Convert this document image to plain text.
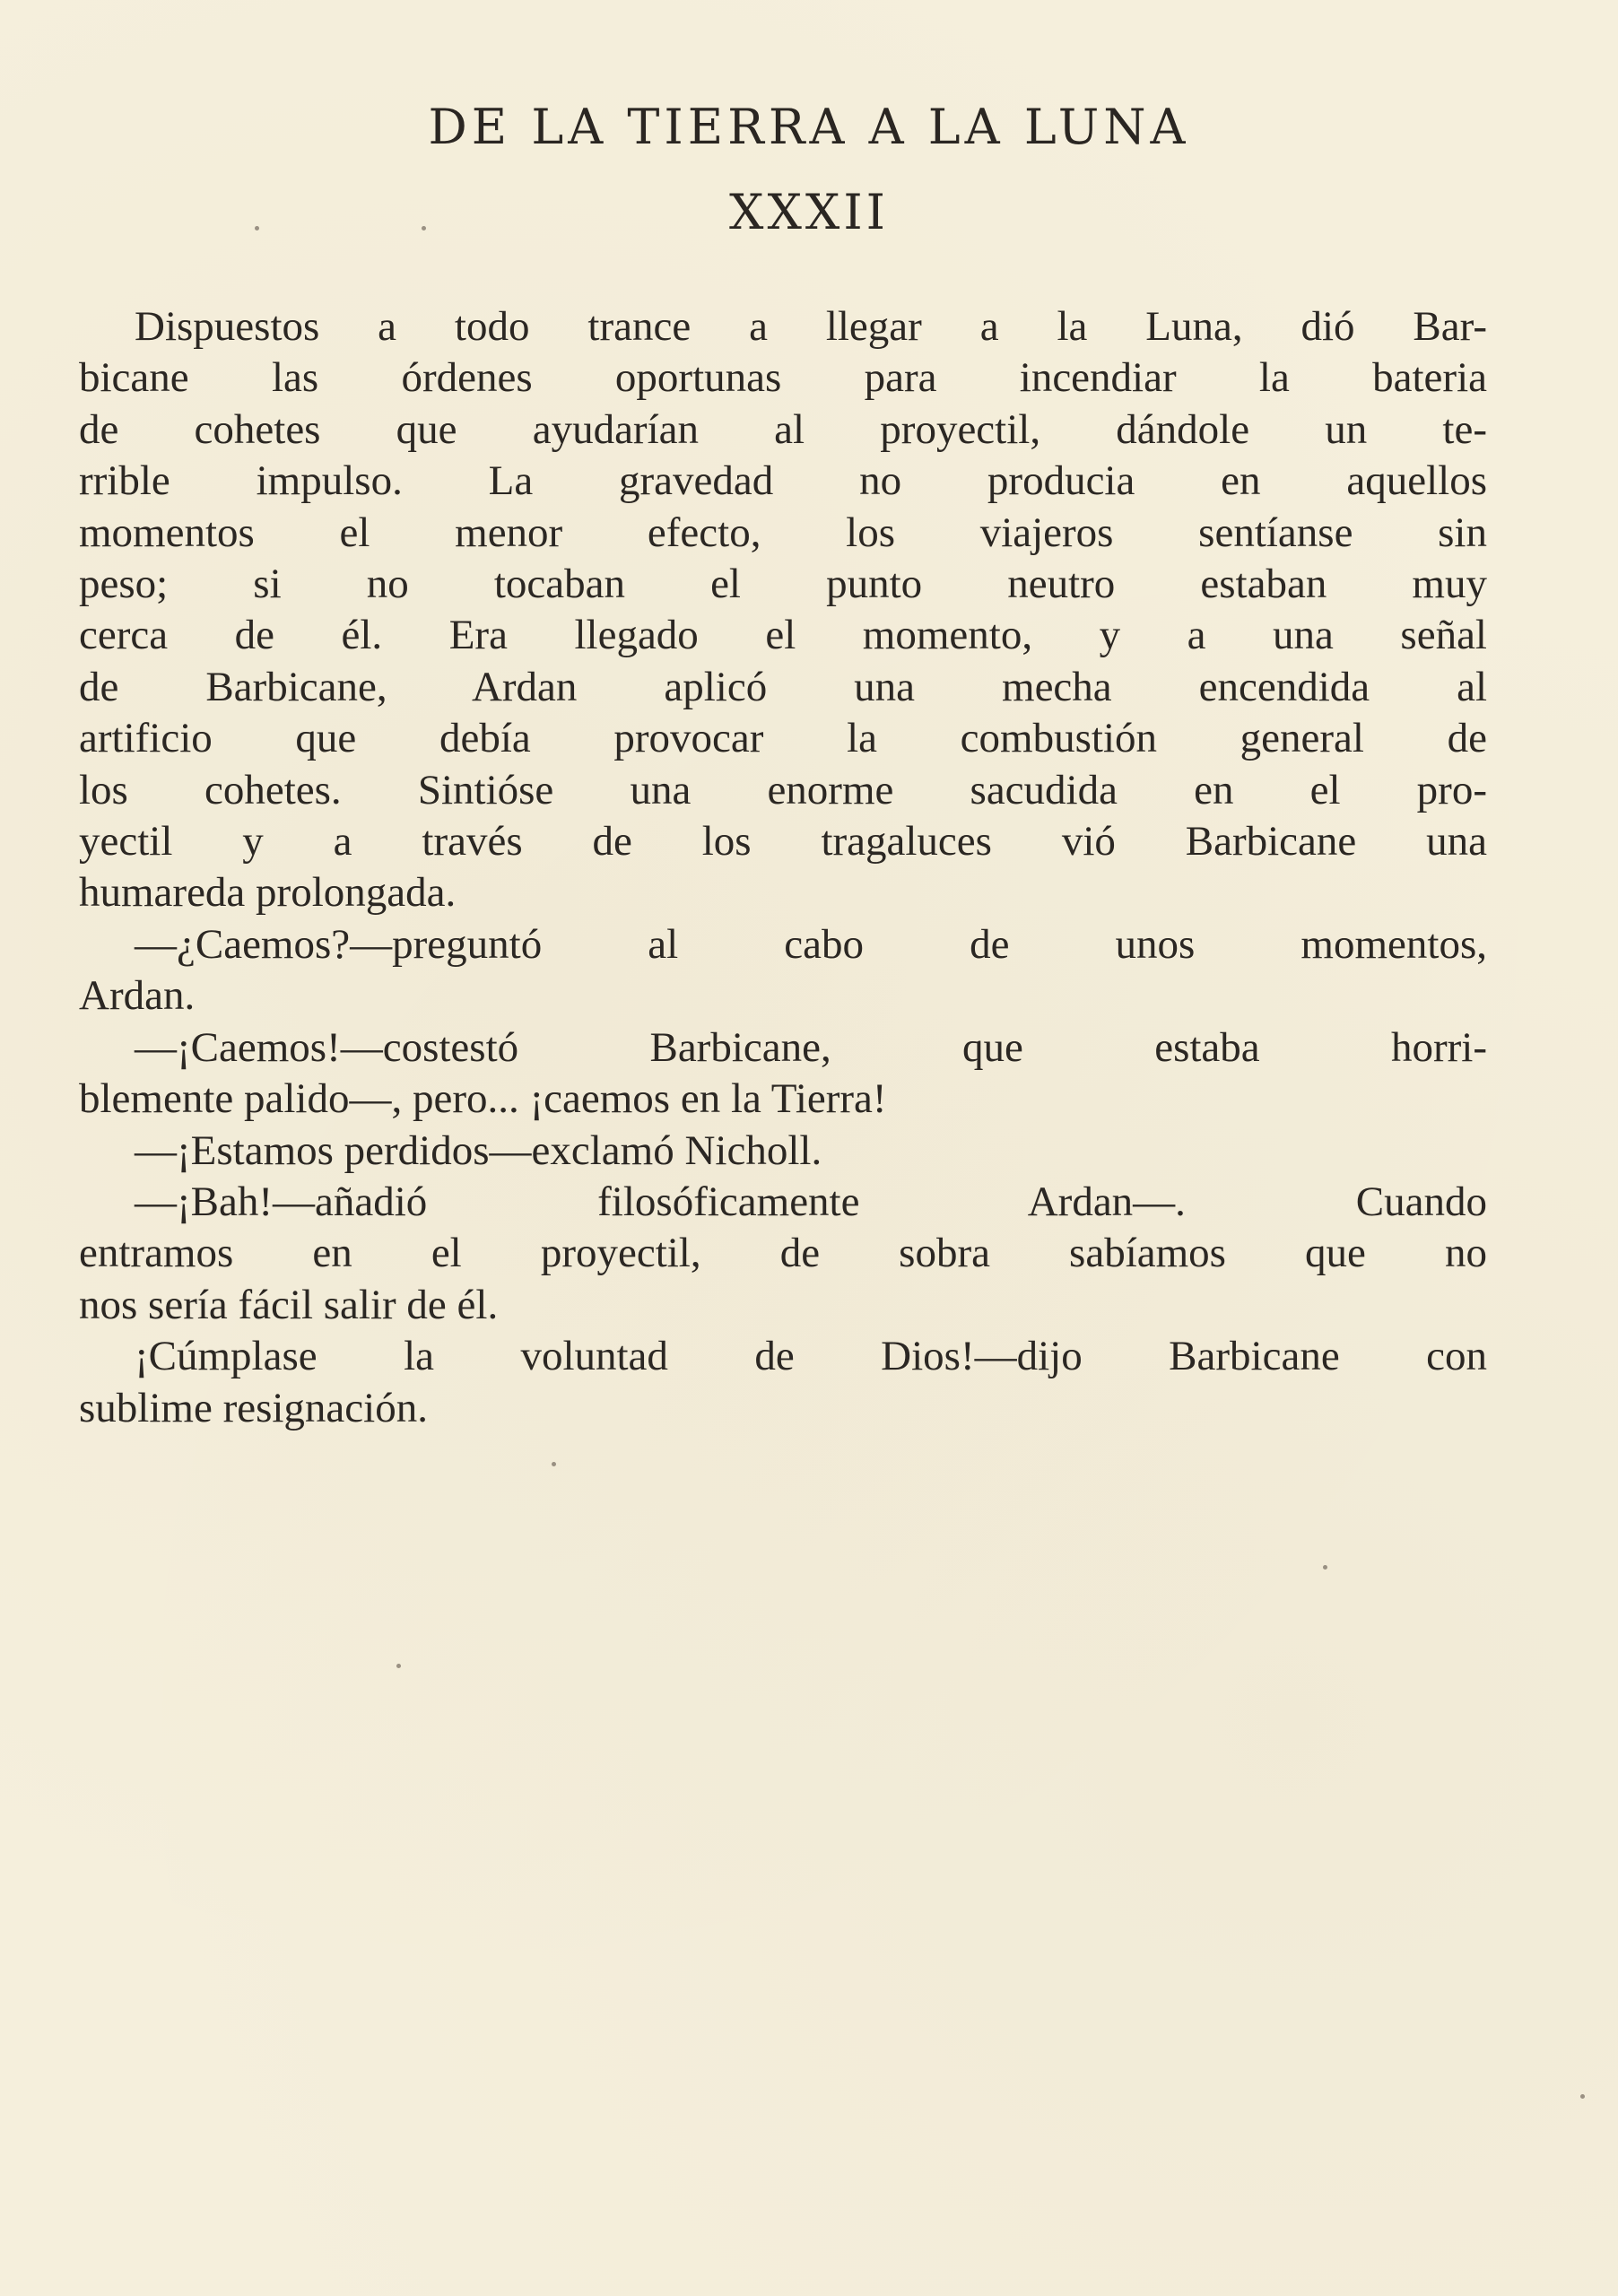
DE LA TIERRA A LA LUNA
XXXII
Dispuestos a todo trance a llegar a la Luna, dió Bar-
bicane las órdenes oportunas para incendiar la bateria
de cohetes que ayudarían al proyectil, dándole un te-
rrible impulso. La gravedad no producia en aquellos
momentos el menor efecto, los viajeros sentíanse sin
peso; si no tocaban el punto neutro estaban muy
cerca de él. Era llegado el momento, y a una señal
de Barbicane, Ardan aplicó una mecha encendida al
artificio que debía provocar la combustión general de
los cohetes. Sintióse una enorme sacudida en el pro-
yectil y a través de los tragaluces vió Barbicane una
humareda prolongada.
—¿Caemos?—preguntó al cabo de unos momentos,
Ardan.
—¡Caemos!—costestó Barbicane, que estaba horri-
blemente palido—, pero... ¡caemos en la Tierra!
—¡Estamos perdidos—exclamó Nicholl.
—¡Bah!—añadió filosóficamente Ardan—. Cuando
entramos en el proyectil, de sobra sabíamos que no
nos sería fácil salir de él.
¡Cúmplase la voluntad de Dios!—dijo Barbicane con
sublime resignación.
